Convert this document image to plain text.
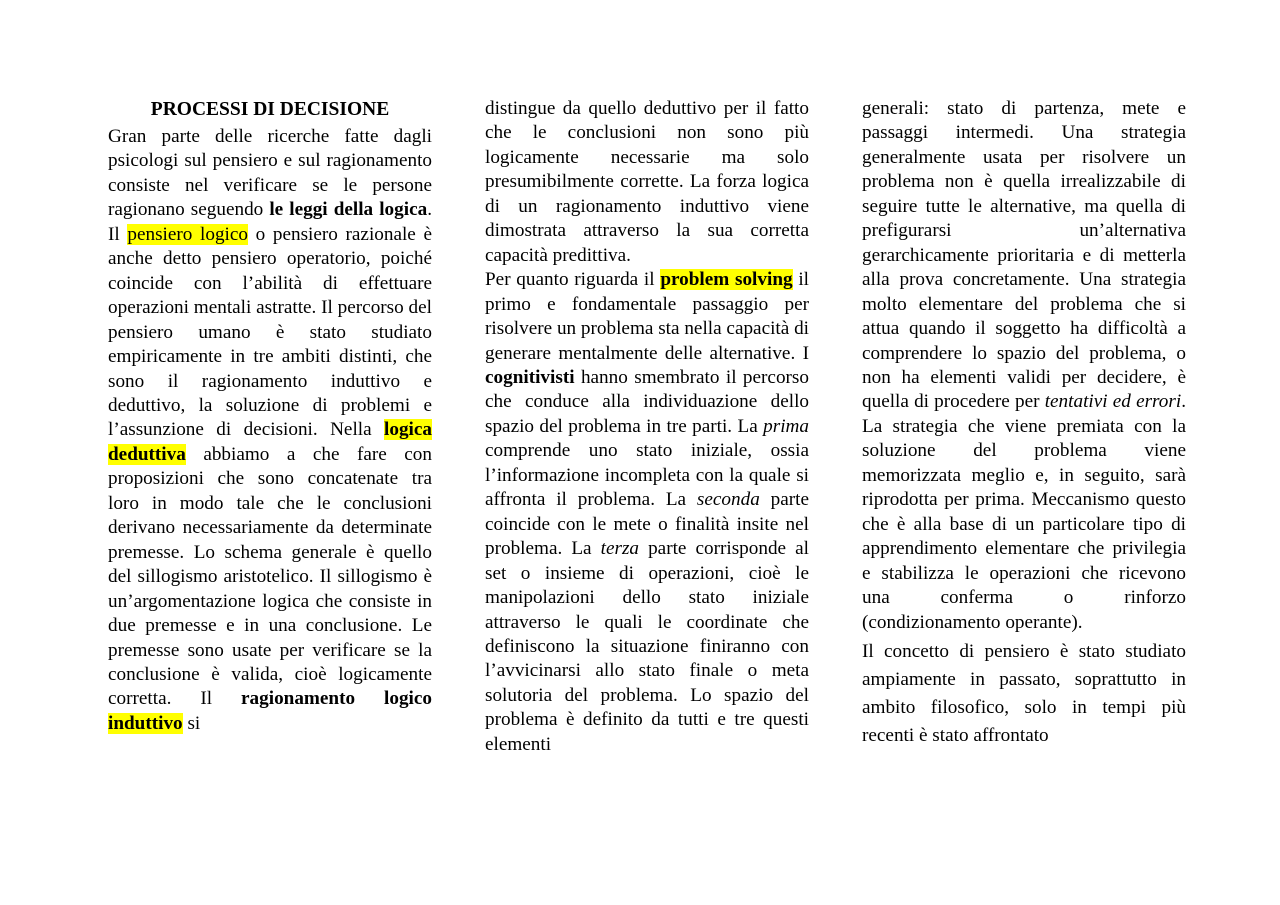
PROCESSI DI DECISIONE

Gran parte delle ricerche fatte dagli psicologi sul pensiero e sul ragionamento consiste nel verificare se le persone ragionano seguendo le leggi della logica. Il pensiero logico o pensiero razionale è anche detto pensiero operatorio, poiché coincide con l’abilità di effettuare operazioni mentali astratte. Il percorso del pensiero umano è stato studiato empiricamente in tre ambiti distinti, che sono il ragionamento induttivo e deduttivo, la soluzione di problemi e l’assunzione di decisioni. Nella logica deduttiva abbiamo a che fare con proposizioni che sono concatenate tra loro in modo tale che le conclusioni derivano necessariamente da determinate premesse. Lo schema generale è quello del sillogismo aristotelico. Il sillogismo è un’argomentazione logica che consiste in due premesse e in una conclusione. Le premesse sono usate per verificare se la conclusione è valida, cioè logicamente corretta. Il ragionamento logico induttivo si

distingue da quello deduttivo per il fatto che le conclusioni non sono più logicamente necessarie ma solo presumibilmente corrette. La forza logica di un ragionamento induttivo viene dimostrata attraverso la sua corretta capacità predittiva.

Per quanto riguarda il problem solving il primo e fondamentale passaggio per risolvere un problema sta nella capacità di generare mentalmente delle alternative. I cognitivisti hanno smembrato il percorso che conduce alla individuazione dello spazio del problema in tre parti. La prima comprende uno stato iniziale, ossia l’informazione incompleta con la quale si affronta il problema. La seconda parte coincide con le mete o finalità insite nel problema. La terza parte corrisponde al set o insieme di operazioni, cioè le manipolazioni dello stato iniziale attraverso le quali le coordinate che definiscono la situazione finiranno con l’avvicinarsi allo stato finale o meta solutoria del problema. Lo spazio del problema è definito da tutti e tre questi elementi

generali: stato di partenza, mete e passaggi intermedi. Una strategia generalmente usata per risolvere un problema non è quella irrealizzabile di seguire tutte le alternative, ma quella di prefigurarsi un’alternativa gerarchicamente prioritaria e di metterla alla prova concretamente. Una strategia molto elementare del problema che si attua quando il soggetto ha difficoltà a comprendere lo spazio del problema, o non ha elementi validi per decidere, è quella di procedere per tentativi ed errori. La strategia che viene premiata con la soluzione del problema viene memorizzata meglio e, in seguito, sarà riprodotta per prima. Meccanismo questo che è alla base di un particolare tipo di apprendimento elementare che privilegia e stabilizza le operazioni che ricevono una conferma o rinforzo (condizionamento operante).

Il concetto di pensiero è stato studiato ampiamente in passato, soprattutto in ambito filosofico, solo in tempi più recenti è stato affrontato
